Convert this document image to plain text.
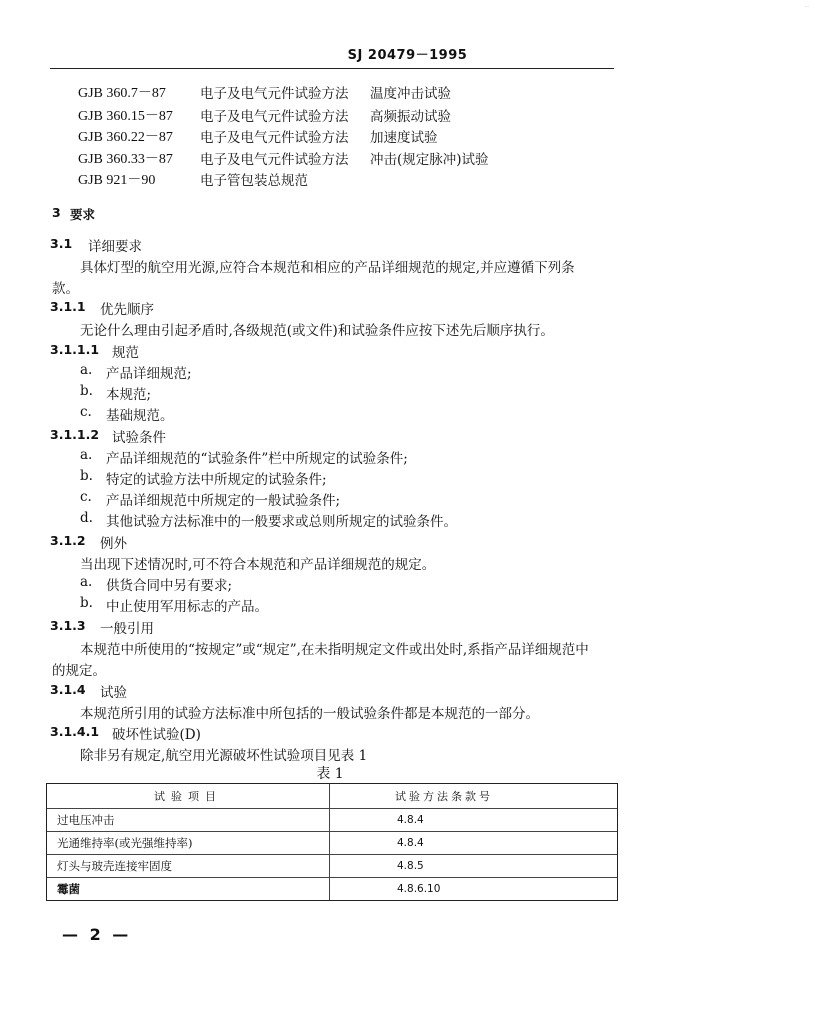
···
SJ 20479－1995
GJB 360.7－87	电子及电气元件试验方法 温度冲击试验
GJB 360.15－87 电子及电气元件试验方法 高频振动试验
GJB 360.22－87 电子及电气元件试验方法 加速度试验
GJB 360.33－87 电子及电气元件试验方法 冲击(规定脉冲)试验
GJB 921－90	电子管包装总规范
3 要求
3.1 详细要求
具体灯型的航空用光源,应符合本规范和相应的产品详细规范的规定,并应遵循下列条
款。
3.1.1 优先顺序
无论什么理由引起矛盾时,各级规范(或文件)和试验条件应按下述先后顺序执行。
3.1.1.1 规范
a. 产品详细规范;
b. 本规范;
c. 基础规范。
3.1.1.2 试验条件
a. 产品详细规范的“试验条件”栏中所规定的试验条件;
b. 特定的试验方法中所规定的试验条件;
c. 产品详细规范中所规定的一般试验条件;
d. 其他试验方法标准中的一般要求或总则所规定的试验条件。
3.1.2 例外
当出现下述情况时,可不符合本规范和产品详细规范的规定。
a. 供货合同中另有要求;
b. 中止使用军用标志的产品。
3.1.3 一般引用
本规范中所使用的“按规定”或“规定”,在未指明规定文件或出处时,系指产品详细规范中
的规定。
3.1.4 试验
本规范所引用的试验方法标准中所包括的一般试验条件都是本规范的一部分。
3.1.4.1 破坏性试验(D)
除非另有规定,航空用光源破坏性试验项目见表 1
表 1
试验项目	试验方法条款号
过电压冲击	4.8.4
光通维持率(或光强维持率)	4.8.4
灯头与玻壳连接牢固度	4.8.5
霉菌	4.8.6.10
— 2 —
